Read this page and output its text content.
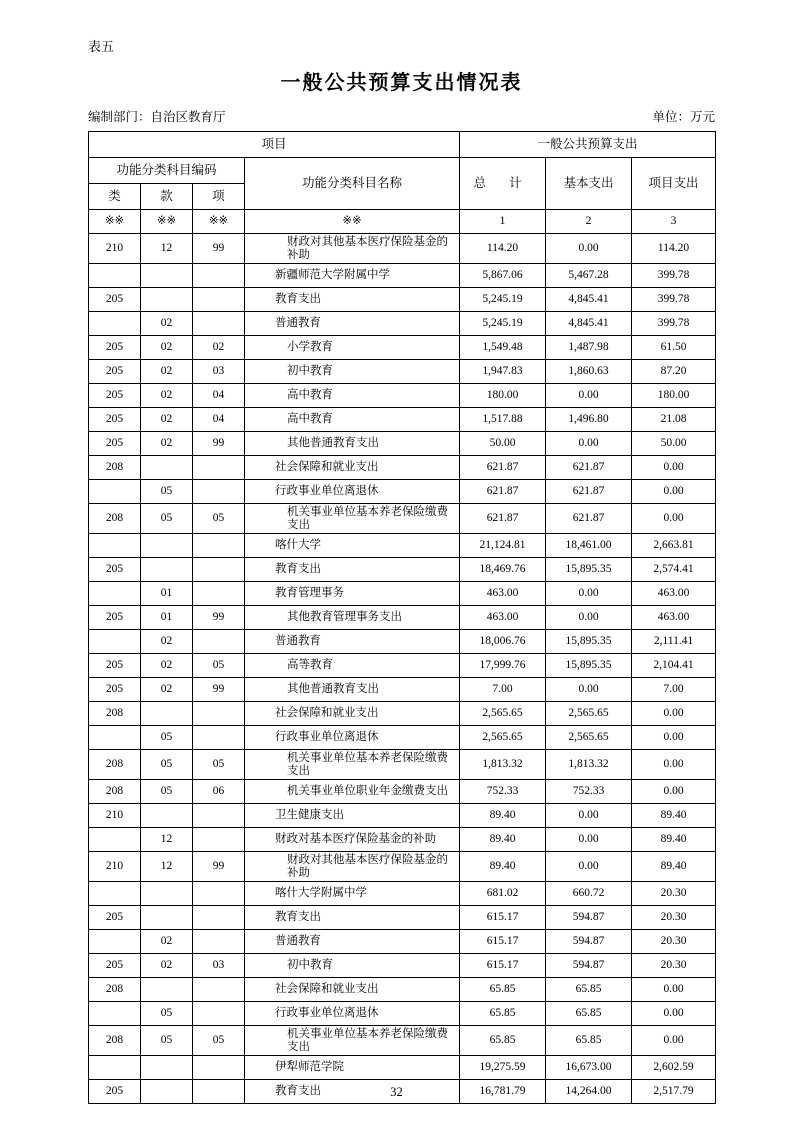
表五
一般公共预算支出情况表
编制部门：自治区教育厅	单位：万元
项目				一般公共预算支出		
功能分类科目编码			功能分类科目名称	总 计	基本支出	项目支出
类	款	项				
※※	※※	※※	※※	1	2	3
210	12	99	财政对其他基本医疗保险基金的补助	114.20	0.00	114.20

			新疆师范大学附属中学	5,867.06	5,467.28	399.78
205			教育支出	5,245.19	4,845.41	399.78
	02		普通教育	5,245.19	4,845.41	399.78
205	02	02	小学教育	1,549.48	1,487.98	61.50
205	02	03	初中教育	1,947.83	1,860.63	87.20
205	02	04	高中教育	180.00	0.00	180.00
205	02	04	高中教育	1,517.88	1,496.80	21.08
205	02	99	其他普通教育支出	50.00	0.00	50.00
208			社会保障和就业支出	621.87	621.87	0.00
	05		行政事业单位离退休	621.87	621.87	0.00
208	05	05	机关事业单位基本养老保险缴费支出	621.87	621.87	0.00

			喀什大学	21,124.81	18,461.00	2,663.81
205			教育支出	18,469.76	15,895.35	2,574.41
	01		教育管理事务	463.00	0.00	463.00
205	01	99	其他教育管理事务支出	463.00	0.00	463.00
	02		普通教育	18,006.76	15,895.35	2,111.41
205	02	05	高等教育	17,999.76	15,895.35	2,104.41
205	02	99	其他普通教育支出	7.00	0.00	7.00
208			社会保障和就业支出	2,565.65	2,565.65	0.00
	05		行政事业单位离退休	2,565.65	2,565.65	0.00
208	05	05	机关事业单位基本养老保险缴费支出	1,813.32	1,813.32	0.00
208	05	06	机关事业单位职业年金缴费支出	752.33	752.33	0.00
210			卫生健康支出	89.40	0.00	89.40
	12		财政对基本医疗保险基金的补助	89.40	0.00	89.40
210	12	99	财政对其他基本医疗保险基金的补助	89.40	0.00	89.40

			喀什大学附属中学	681.02	660.72	20.30
205			教育支出	615.17	594.87	20.30
	02		普通教育	615.17	594.87	20.30
205	02	03	初中教育	615.17	594.87	20.30
208			社会保障和就业支出	65.85	65.85	0.00
	05		行政事业单位离退休	65.85	65.85	0.00
208	05	05	机关事业单位基本养老保险缴费支出	65.85	65.85	0.00

			伊犁师范学院	19,275.59	16,673.00	2,602.59
205			教育支出	16,781.79	14,264.00	2,517.79
32
